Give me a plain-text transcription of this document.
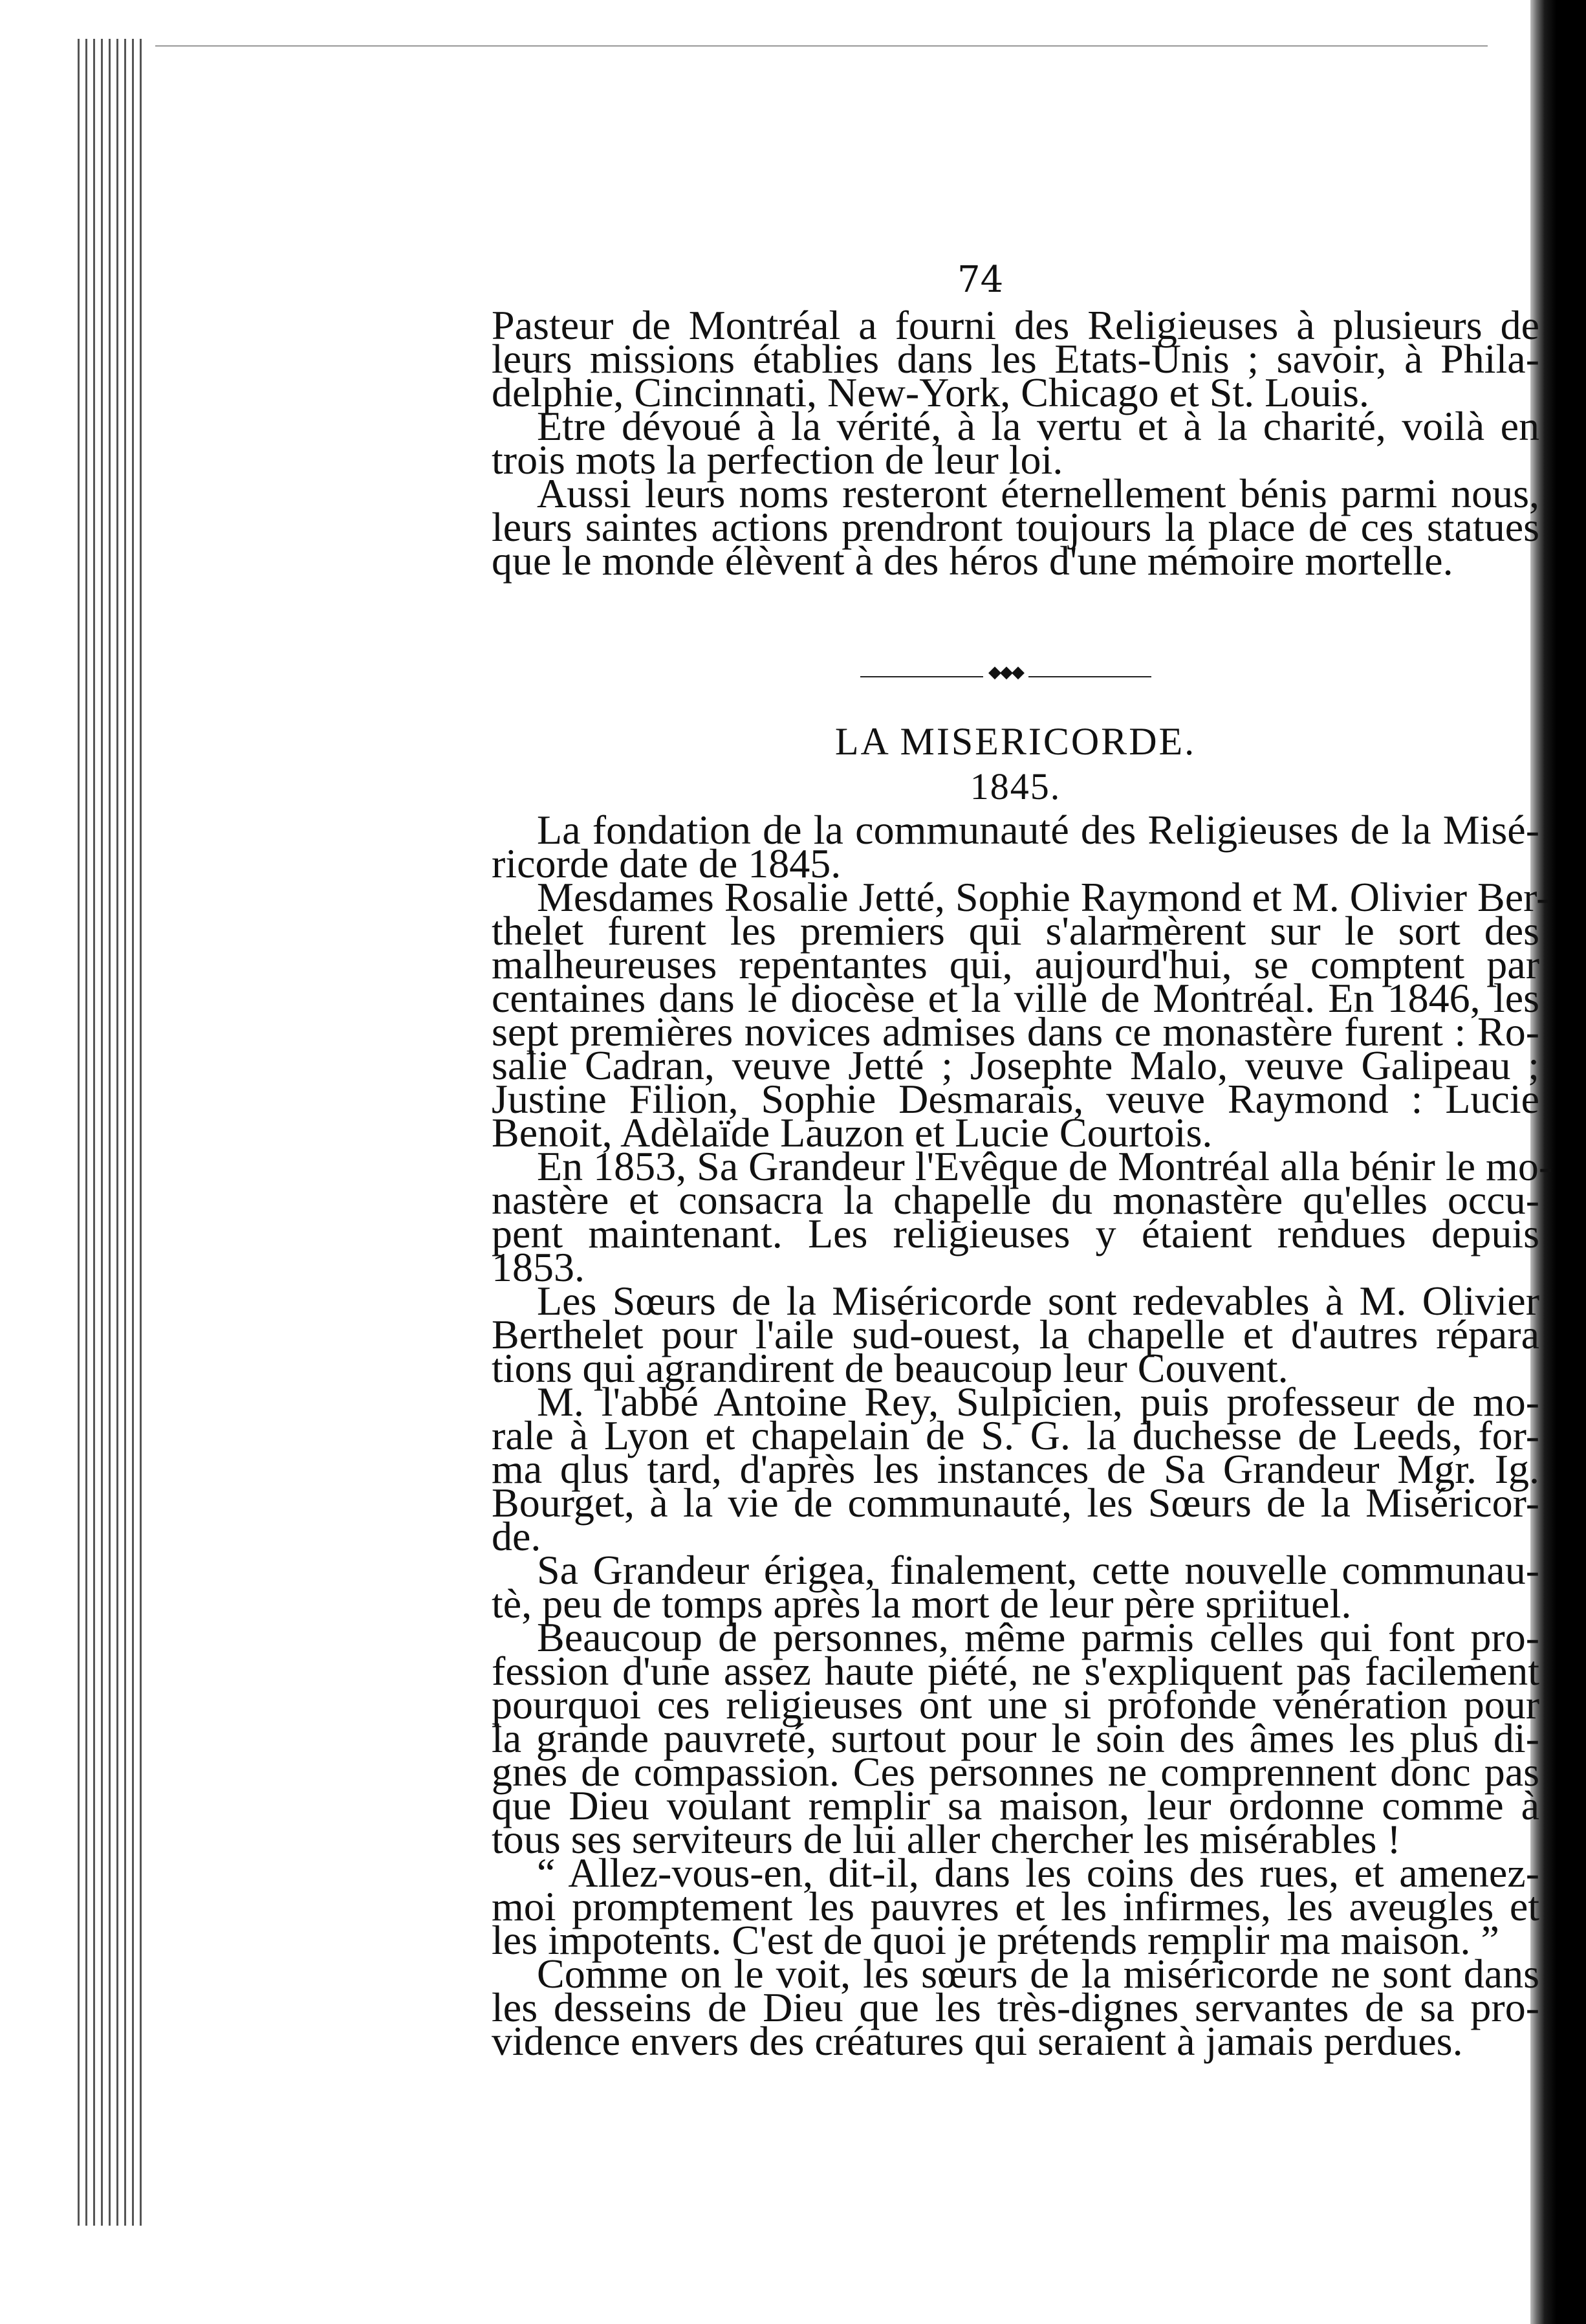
74
Pasteur de Montréal a fourni des Religieuses à plusieurs de
leurs missions établies dans les Etats-Unis ; savoir, à Phila-
delphie, Cincinnati, New-York, Chicago et St. Louis.
Etre dévoué à la vérité, à la vertu et à la charité, voilà en
trois mots la perfection de leur loi.
Aussi leurs noms resteront éternellement bénis parmi nous,
leurs saintes actions prendront toujours la place de ces statues
que le monde élèvent à des héros d'une mémoire mortelle.
◆◆◆
LA MISERICORDE.
1845.
La fondation de la communauté des Religieuses de la Misé-
ricorde date de 1845.
Mesdames Rosalie Jetté, Sophie Raymond et M. Olivier Ber-
thelet furent les premiers qui s'alarmèrent sur le sort des
malheureuses repentantes qui, aujourd'hui, se comptent par
centaines dans le diocèse et la ville de Montréal. En 1846, les
sept premières novices admises dans ce monastère furent : Ro-
salie Cadran, veuve Jetté ; Josephte Malo, veuve Galipeau ;
Justine Filion, Sophie Desmarais, veuve Raymond : Lucie
Benoit, Adèlaïde Lauzon et Lucie Courtois.
En 1853, Sa Grandeur l'Evêque de Montréal alla bénir le mo-
nastère et consacra la chapelle du monastère qu'elles occu-
pent maintenant. Les religieuses y étaient rendues depuis
1853.
Les Sœurs de la Miséricorde sont redevables à M. Olivier
Berthelet pour l'aile sud-ouest, la chapelle et d'autres répara
tions qui agrandirent de beaucoup leur Couvent.
M. l'abbé Antoine Rey, Sulpicien, puis professeur de mo-
rale à Lyon et chapelain de S. G. la duchesse de Leeds, for-
ma qlus tard, d'après les instances de Sa Grandeur Mgr. Ig.
Bourget, à la vie de communauté, les Sœurs de la Miséricor-
de.
Sa Grandeur érigea, finalement, cette nouvelle communau-
tè, peu de tomps après la mort de leur père spriituel.
Beaucoup de personnes, même parmis celles qui font pro-
fession d'une assez haute piété, ne s'expliquent pas facilement
pourquoi ces religieuses ont une si profonde vénération pour
la grande pauvreté, surtout pour le soin des âmes les plus di-
gnes de compassion. Ces personnes ne comprennent donc pas
que Dieu voulant remplir sa maison, leur ordonne comme à
tous ses serviteurs de lui aller chercher les misérables !
“ Allez-vous-en, dit-il, dans les coins des rues, et amenez-
moi promptement les pauvres et les infirmes, les aveugles et
les impotents. C'est de quoi je prétends remplir ma maison. ”
Comme on le voit, les sœurs de la miséricorde ne sont dans
les desseins de Dieu que les très-dignes servantes de sa pro-
vidence envers des créatures qui seraient à jamais perdues.
